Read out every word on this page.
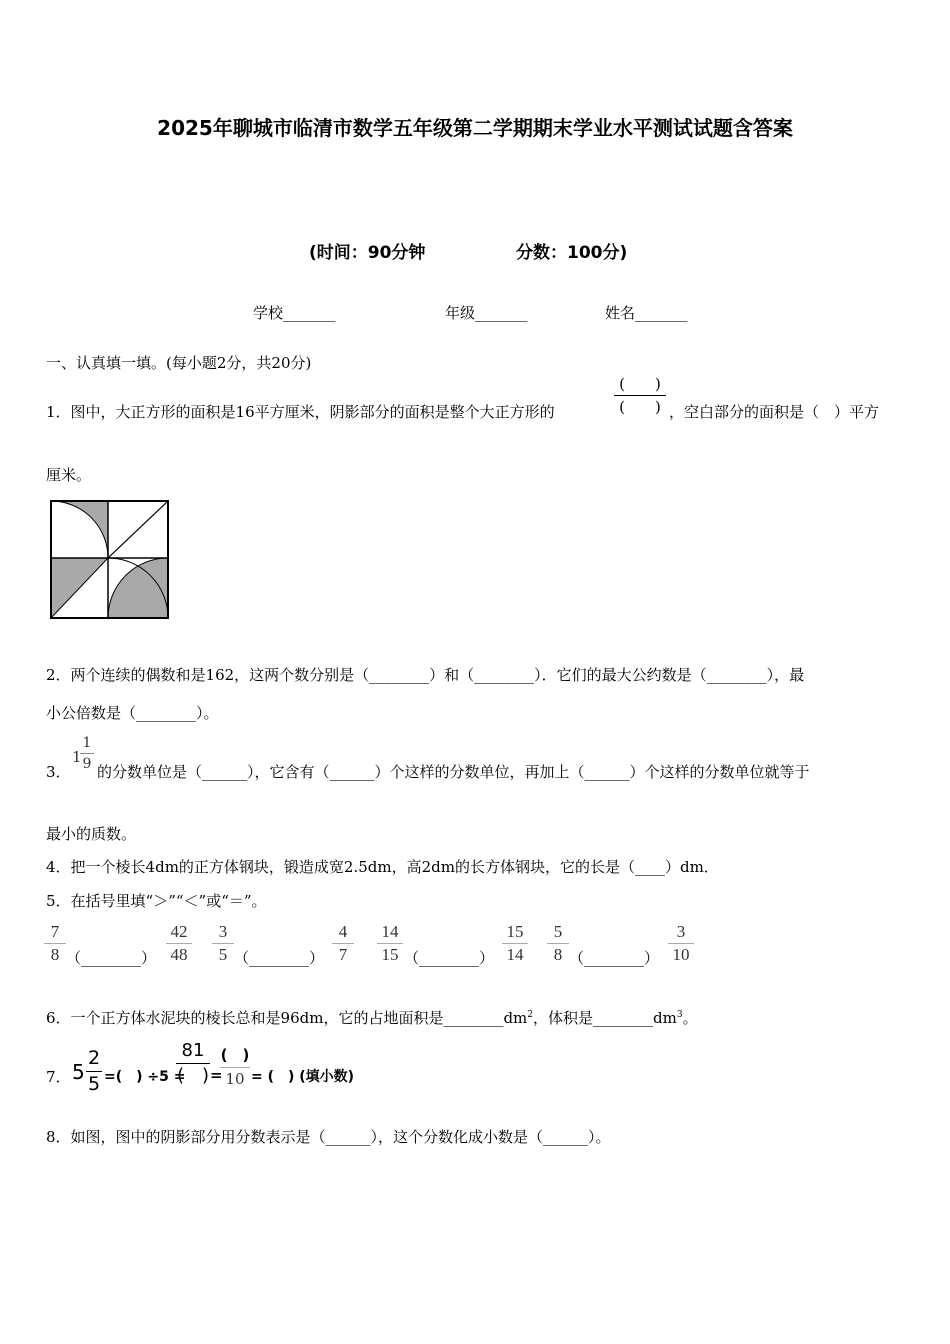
2025年聊城市临清市数学五年级第二学期期末学业水平测试试题含答案
(时间：90分钟	分数：100分)
学校_______	年级_______	姓名_______
一、认真填一填。(每小题2分，共20分)
1．图中，大正方形的面积是16平方厘米，阴影部分的面积是整个大正方形的
(　　)
(　　) ，空白部分的面积是（　）平方
厘米。
2．两个连续的偶数和是162，这两个数分别是（________）和（________）．它们的最大公约数是（________），最
小公倍数是（________）。
3．
1
1
9 的分数单位是（______），它含有（______）个这样的分数单位，再加上（______）个这样的分数单位就等于
最小的质数。
4．把一个棱长4dm的正方体钢块，锻造成宽2.5dm，高2dm的长方体钢块，它的长是（____）dm．
5．在括号里填“＞”“＜”或“＝”。
7
8 （________）
42
48
3
5 （________）
4
7
14
15 （________）
15
14
5
8 （________）
3
10
6．一个正方体水泥块的棱长总和是96dm，它的占地面积是$\_\_\_\_\_\_\_\_dm^2$，体积是$\_\_\_\_\_\_\_\_dm^3$。
7． 5
2
5 =(　) ÷5 =
81
(　) =
(　)
10 = (　) (填小数)
8．如图，图中的阴影部分用分数表示是（______），这个分数化成小数是（______）。
